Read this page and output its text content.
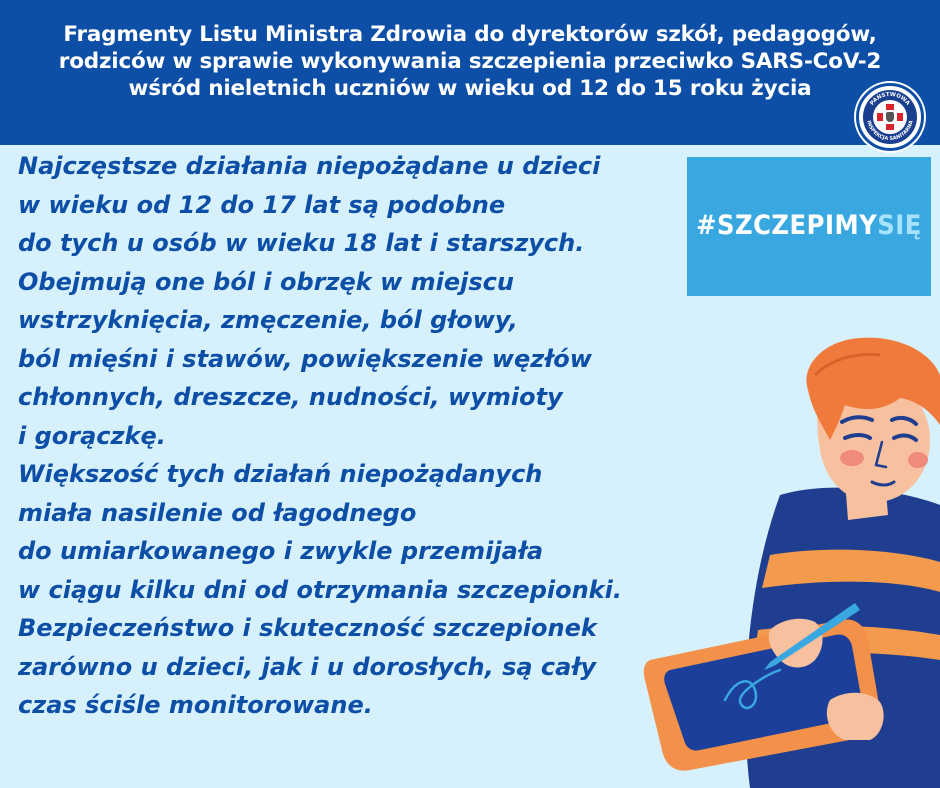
Fragmenty Listu Ministra Zdrowia do dyrektorów szkół, pedagogów,
rodziców w sprawie wykonywania szczepienia przeciwko SARS-CoV-2
wśród nieletnich uczniów w wieku od 12 do 15 roku życia
PAŃSTWOWA
INSPEKCJA SANITARNA
Najczęstsze działania niepożądane u dzieci
w wieku od 12 do 17 lat są podobne
do tych u osób w wieku 18 lat i starszych.
Obejmują one ból i obrzęk w miejscu
wstrzyknięcia, zmęczenie, ból głowy,
ból mięśni i stawów, powiększenie węzłów
chłonnych, dreszcze, nudności, wymioty
i gorączkę.
Większość tych działań niepożądanych
miała nasilenie od łagodnego
do umiarkowanego i zwykle przemijała
w ciągu kilku dni od otrzymania szczepionki.
Bezpieczeństwo i skuteczność szczepionek
zarówno u dzieci, jak i u dorosłych, są cały
czas ściśle monitorowane.
#SZCZEPIMYSIĘ
